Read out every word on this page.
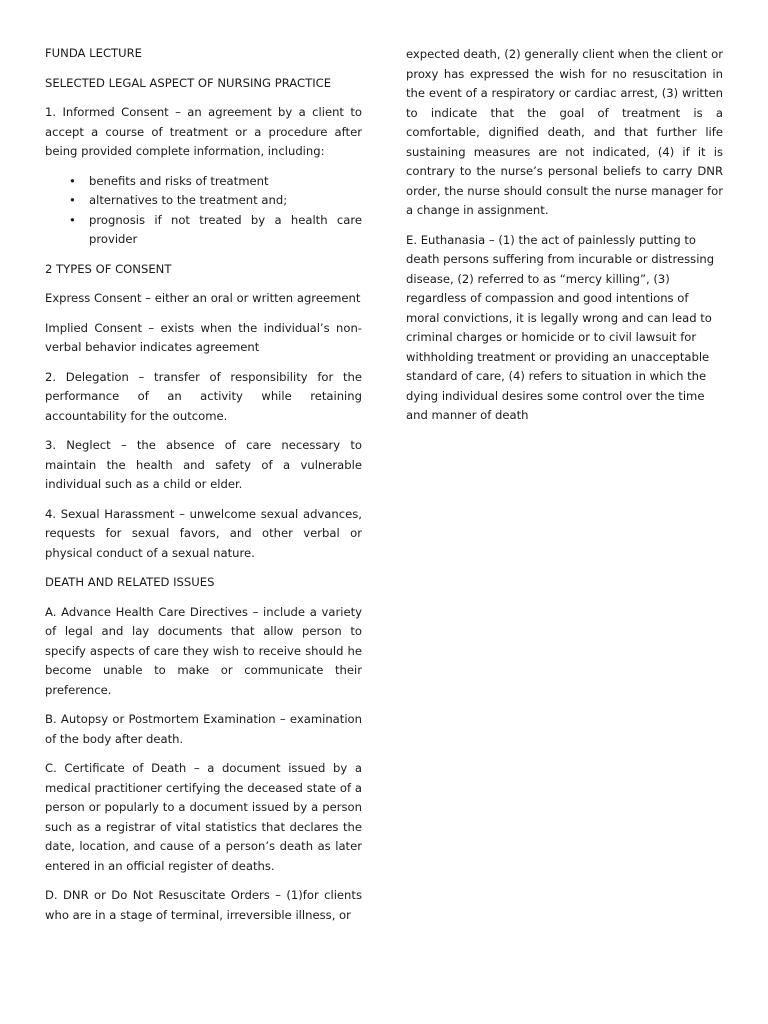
FUNDA LECTURE

SELECTED LEGAL ASPECT OF NURSING PRACTICE

1. Informed Consent – an agreement by a client to accept a course of treatment or a procedure after being provided complete information, including:

• benefits and risks of treatment
• alternatives to the treatment and;
• prognosis if not treated by a health care provider

2 TYPES OF CONSENT

Express Consent – either an oral or written agreement

Implied Consent – exists when the individual’s non-verbal behavior indicates agreement

2. Delegation – transfer of responsibility for the performance of an activity while retaining accountability for the outcome.

3. Neglect – the absence of care necessary to maintain the health and safety of a vulnerable individual such as a child or elder.

4. Sexual Harassment – unwelcome sexual advances, requests for sexual favors, and other verbal or physical conduct of a sexual nature.

DEATH AND RELATED ISSUES

A. Advance Health Care Directives – include a variety of legal and lay documents that allow person to specify aspects of care they wish to receive should he become unable to make or communicate their preference.

B. Autopsy or Postmortem Examination – examination of the body after death.

C. Certificate of Death – a document issued by a medical practitioner certifying the deceased state of a person or popularly to a document issued by a person such as a registrar of vital statistics that declares the date, location, and cause of a person’s death as later entered in an official register of deaths.

D. DNR or Do Not Resuscitate Orders – (1)for clients who are in a stage of terminal, irreversible illness, or

expected death, (2) generally client when the client or proxy has expressed the wish for no resuscitation in the event of a respiratory or cardiac arrest, (3) written to indicate that the goal of treatment is a comfortable, dignified death, and that further life sustaining measures are not indicated, (4) if it is contrary to the nurse’s personal beliefs to carry DNR order, the nurse should consult the nurse manager for a change in assignment.

E. Euthanasia – (1) the act of painlessly putting to death persons suffering from incurable or distressing disease, (2) referred to as “mercy killing”, (3) regardless of compassion and good intentions of moral convictions, it is legally wrong and can lead to criminal charges or homicide or to civil lawsuit for withholding treatment or providing an unacceptable standard of care, (4) refers to situation in which the dying individual desires some control over the time and manner of death
